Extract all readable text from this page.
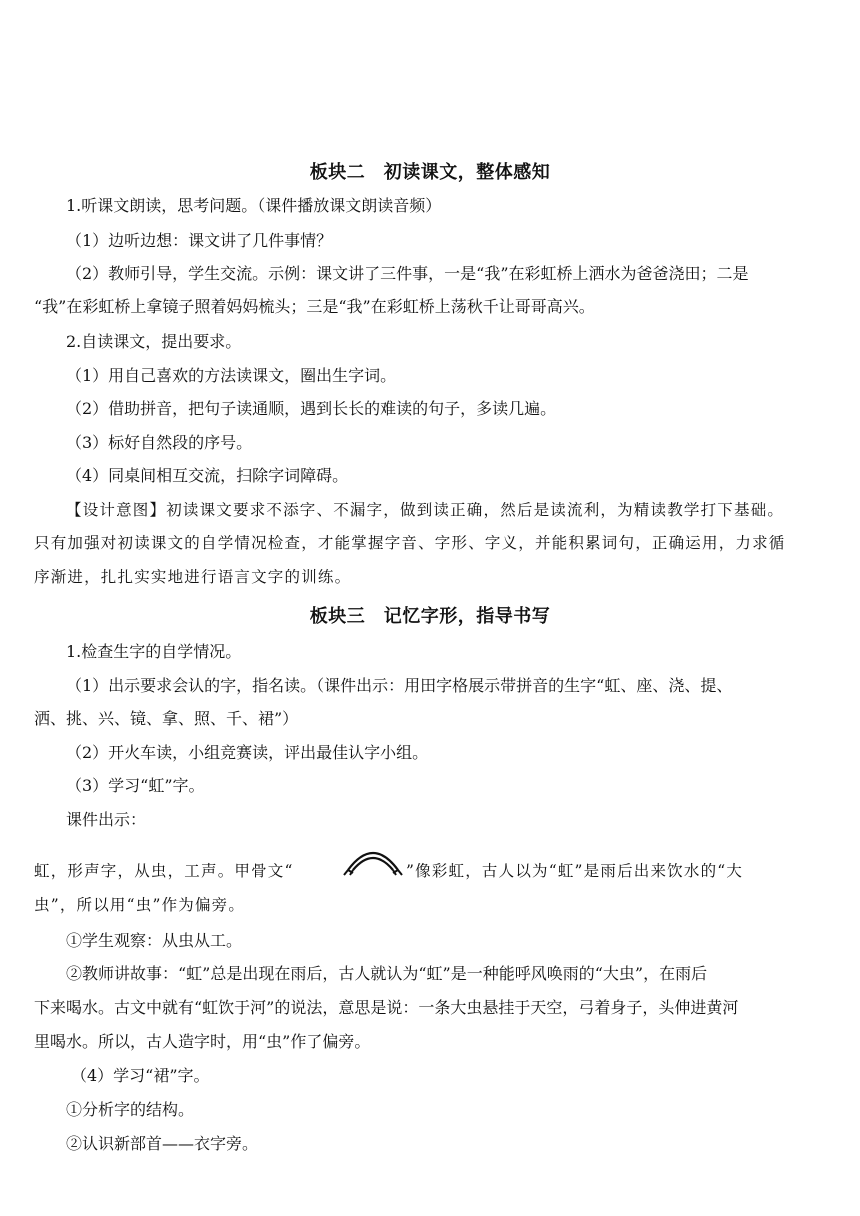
板块二　初读课文，整体感知
1.听课文朗读，思考问题。（课件播放课文朗读音频）
（1）边听边想：课文讲了几件事情？
（2）教师引导，学生交流。示例：课文讲了三件事，一是“我”在彩虹桥上洒水为爸爸浇田；二是
“我”在彩虹桥上拿镜子照着妈妈梳头；三是“我”在彩虹桥上荡秋千让哥哥高兴。
2.自读课文，提出要求。
（1）用自己喜欢的方法读课文，圈出生字词。
（2）借助拼音，把句子读通顺，遇到长长的难读的句子，多读几遍。
（3）标好自然段的序号。
（4）同桌间相互交流，扫除字词障碍。
【设计意图】初读课文要求不添字、不漏字，做到读正确，然后是读流利，为精读教学打下基础。
只有加强对初读课文的自学情况检查，才能掌握字音、字形、字义，并能积累词句，正确运用，力求循
序渐进，扎扎实实地进行语言文字的训练。
板块三　记忆字形，指导书写
1.检查生字的自学情况。
（1）出示要求会认的字，指名读。（课件出示：用田字格展示带拼音的生字“虹、座、浇、提、
洒、挑、兴、镜、拿、照、千、裙”）
（2）开火车读，小组竞赛读，评出最佳认字小组。
（3）学习“虹”字。
课件出示：
虹，形声字，从虫，工声。甲骨文“	”像彩虹，古人以为“虹”是雨后出来饮水的“大
虫”，所以用“虫”作为偏旁。
①学生观察：从虫从工。
②教师讲故事：“虹”总是出现在雨后，古人就认为“虹”是一种能呼风唤雨的“大虫”，在雨后
下来喝水。古文中就有“虹饮于河”的说法，意思是说：一条大虫悬挂于天空，弓着身子，头伸进黄河
里喝水。所以，古人造字时，用“虫”作了偏旁。
（4）学习“裙”字。
①分析字的结构。
②认识新部首——衣字旁。
